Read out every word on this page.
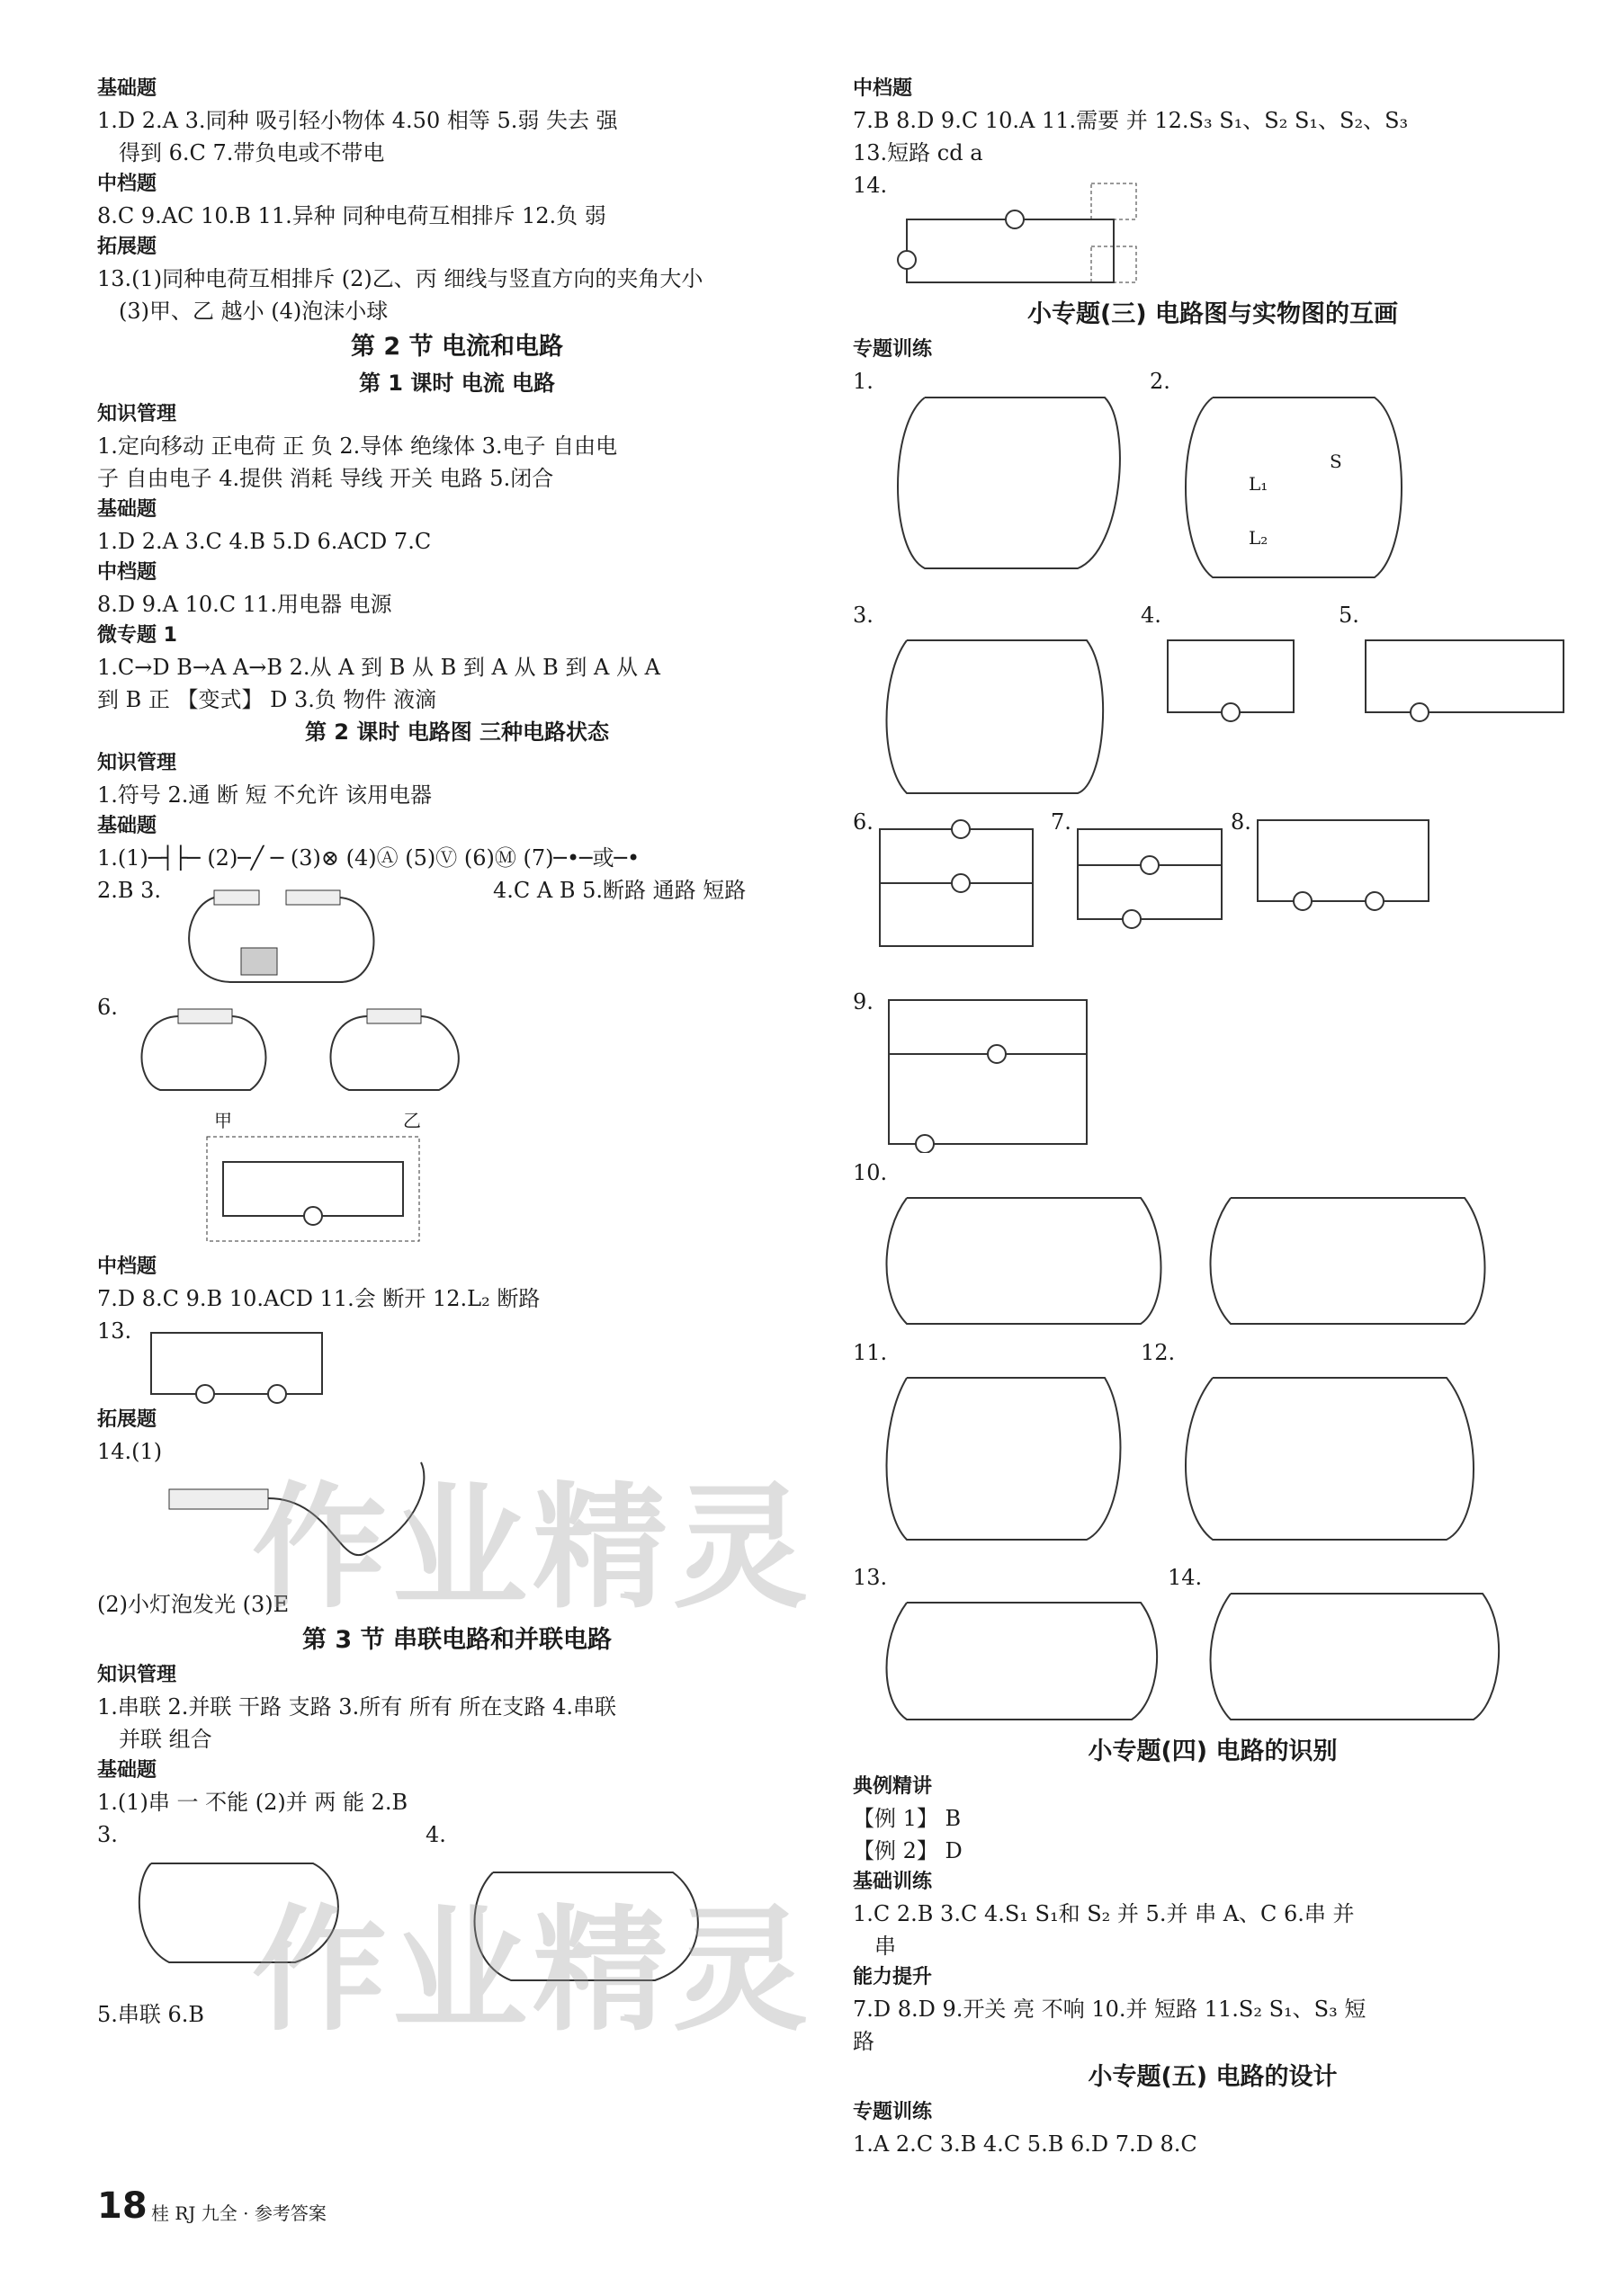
基础题

1.D 2.A 3.同种 吸引轻小物体 4.50 相等 5.弱 失去 强

得到 6.C 7.带负电或不带电

中档题

8.C 9.AC 10.B 11.异种 同种电荷互相排斥 12.负 弱

拓展题

13.(1)同种电荷互相排斥 (2)乙、丙 细线与竖直方向的夹角大小

(3)甲、乙 越小 (4)泡沫小球

第 2 节 电流和电路

第 1 课时 电流 电路

知识管理

1.定向移动 正电荷 正 负 2.导体 绝缘体 3.电子 自由电

子 自由电子 4.提供 消耗 导线 开关 电路 5.闭合

基础题

1.D 2.A 3.C 4.B 5.D 6.ACD 7.C

中档题

8.D 9.A 10.C 11.用电器 电源

微专题 1

1.C→D B→A A→B 2.从 A 到 B 从 B 到 A 从 B 到 A 从 A

到 B 正 【变式】 D 3.负 物件 液滴

第 2 课时 电路图 三种电路状态

知识管理

1.符号 2.通 断 短 不允许 该用电器

基础题

1.(1)─┤├─ (2)─╱ ─ (3)⊗ (4)Ⓐ (5)Ⓥ (6)Ⓜ (7)─•─或─•

2.B 3.	4.C A B 5.断路 通路 短路
6.
甲	乙

中档题

7.D 8.C 9.B 10.ACD 11.会 断开 12.L₂ 断路

13.

拓展题

14.(1)

(2)小灯泡发光 (3)E

第 3 节 串联电路和并联电路

知识管理

1.串联 2.并联 干路 支路 3.所有 所有 所在支路 4.串联

并联 组合

基础题

1.(1)串 一 不能 (2)并 两 能 2.B

3.	4.

5.串联 6.B

中档题

7.B 8.D 9.C 10.A 11.需要 并 12.S₃ S₁、S₂ S₁、S₂、S₃

13.短路 cd a

14.

小专题(三) 电路图与实物图的互画

专题训练

1.	2.
L₁
S
L₂
3.	4.	5.
6.	7.	8.
9.
10.
11.	12.
13.	14.

小专题(四) 电路的识别

典例精讲

【例 1】 B

【例 2】 D

基础训练

1.C 2.B 3.C 4.S₁ S₁和 S₂ 并 5.并 串 A、C 6.串 并

串

能力提升

7.D 8.D 9.开关 亮 不响 10.并 短路 11.S₂ S₁、S₃ 短

路

小专题(五) 电路的设计

专题训练

1.A 2.C 3.B 4.C 5.B 6.D 7.D 8.C

作业精灵
作业精灵
18 桂 RJ 九全 · 参考答案
